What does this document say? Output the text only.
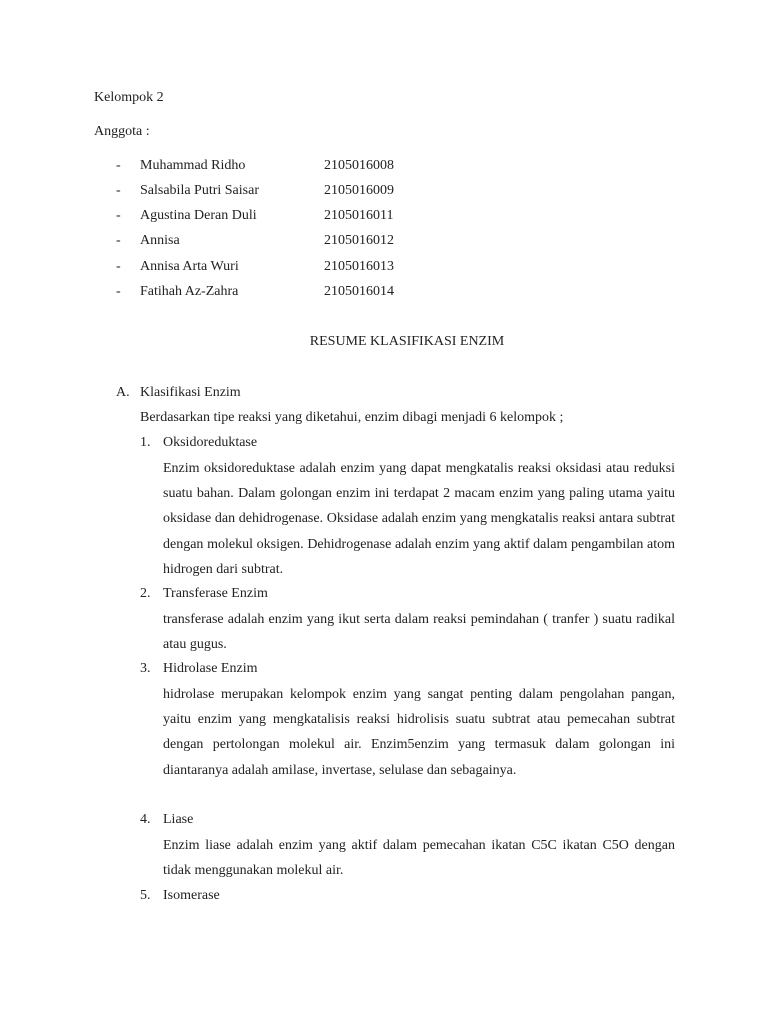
Kelompok 2
Anggota :
- Muhammad Ridho	2105016008
- Salsabila Putri Saisar	2105016009
- Agustina Deran Duli	2105016011
- Annisa	2105016012
- Annisa Arta Wuri	2105016013
- Fatihah Az-Zahra	2105016014
RESUME KLASIFIKASI ENZIM
A. Klasifikasi Enzim
Berdasarkan tipe reaksi yang diketahui, enzim dibagi menjadi 6 kelompok ;
1. Oksidoreduktase
Enzim oksidoreduktase adalah enzim yang dapat mengkatalis reaksi oksidasi atau reduksi suatu bahan. Dalam golongan enzim ini terdapat 2 macam enzim yang paling utama yaitu oksidase dan dehidrogenase. Oksidase adalah enzim yang mengkatalis reaksi antara subtrat dengan molekul oksigen. Dehidrogenase adalah enzim yang aktif dalam pengambilan atom hidrogen dari subtrat.
2. Transferase Enzim
transferase adalah enzim yang ikut serta dalam reaksi pemindahan ( tranfer ) suatu radikal atau gugus.
3. Hidrolase Enzim
hidrolase merupakan kelompok enzim yang sangat penting dalam pengolahan pangan, yaitu enzim yang mengkatalisis reaksi hidrolisis suatu subtrat atau pemecahan subtrat dengan pertolongan molekul air. Enzim5enzim yang termasuk dalam golongan ini diantaranya adalah amilase, invertase, selulase dan sebagainya.
4. Liase
Enzim liase adalah enzim yang aktif dalam pemecahan ikatan C5C ikatan C5O dengan tidak menggunakan molekul air.
5. Isomerase
